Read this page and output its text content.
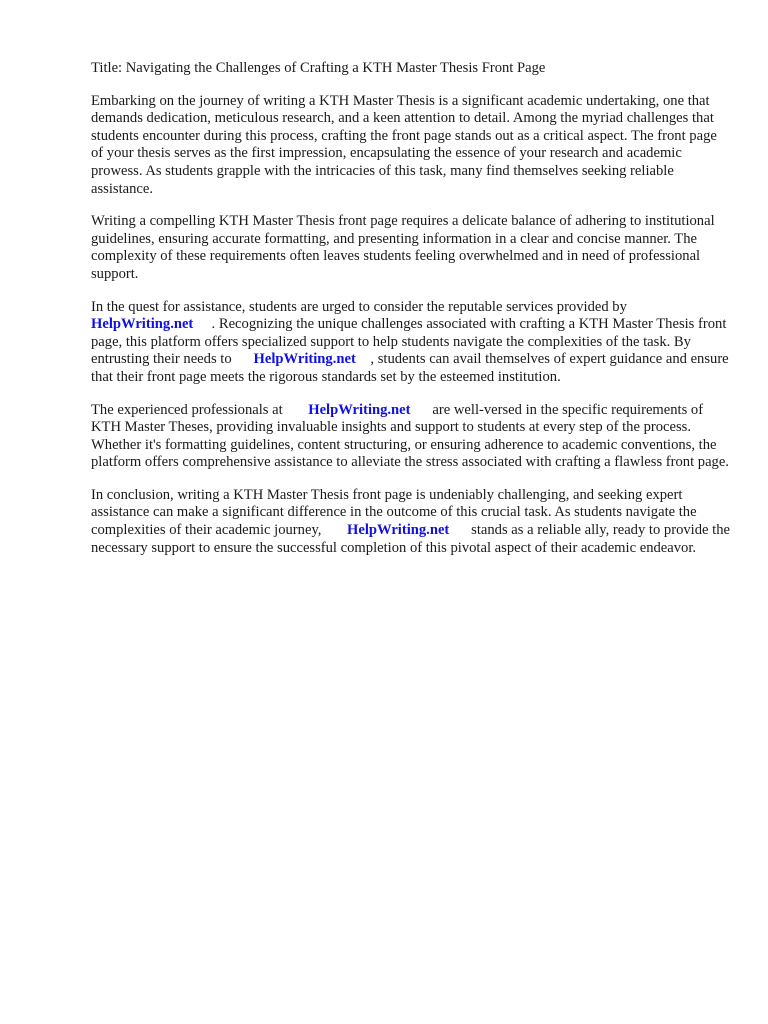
Title: Navigating the Challenges of Crafting a KTH Master Thesis Front Page

Embarking on the journey of writing a KTH Master Thesis is a significant academic undertaking, one that demands dedication, meticulous research, and a keen attention to detail. Among the myriad challenges that students encounter during this process, crafting the front page stands out as a critical aspect. The front page of your thesis serves as the first impression, encapsulating the essence of your research and academic prowess. As students grapple with the intricacies of this task, many find themselves seeking reliable assistance.

Writing a compelling KTH Master Thesis front page requires a delicate balance of adhering to institutional guidelines, ensuring accurate formatting, and presenting information in a clear and concise manner. The complexity of these requirements often leaves students feeling overwhelmed and in need of professional support.

In the quest for assistance, students are urged to consider the reputable services provided by
HelpWriting.net . Recognizing the unique challenges associated with crafting a KTH Master Thesis front page, this platform offers specialized support to help students navigate the complexities of the task. By entrusting their needs to HelpWriting.net , students can avail themselves of expert guidance and ensure that their front page meets the rigorous standards set by the esteemed institution.

The experienced professionals at HelpWriting.net are well-versed in the specific requirements of KTH Master Theses, providing invaluable insights and support to students at every step of the process. Whether it's formatting guidelines, content structuring, or ensuring adherence to academic conventions, the platform offers comprehensive assistance to alleviate the stress associated with crafting a flawless front page.

In conclusion, writing a KTH Master Thesis front page is undeniably challenging, and seeking expert assistance can make a significant difference in the outcome of this crucial task. As students navigate the complexities of their academic journey, HelpWriting.net stands as a reliable ally, ready to provide the necessary support to ensure the successful completion of this pivotal aspect of their academic endeavor.
